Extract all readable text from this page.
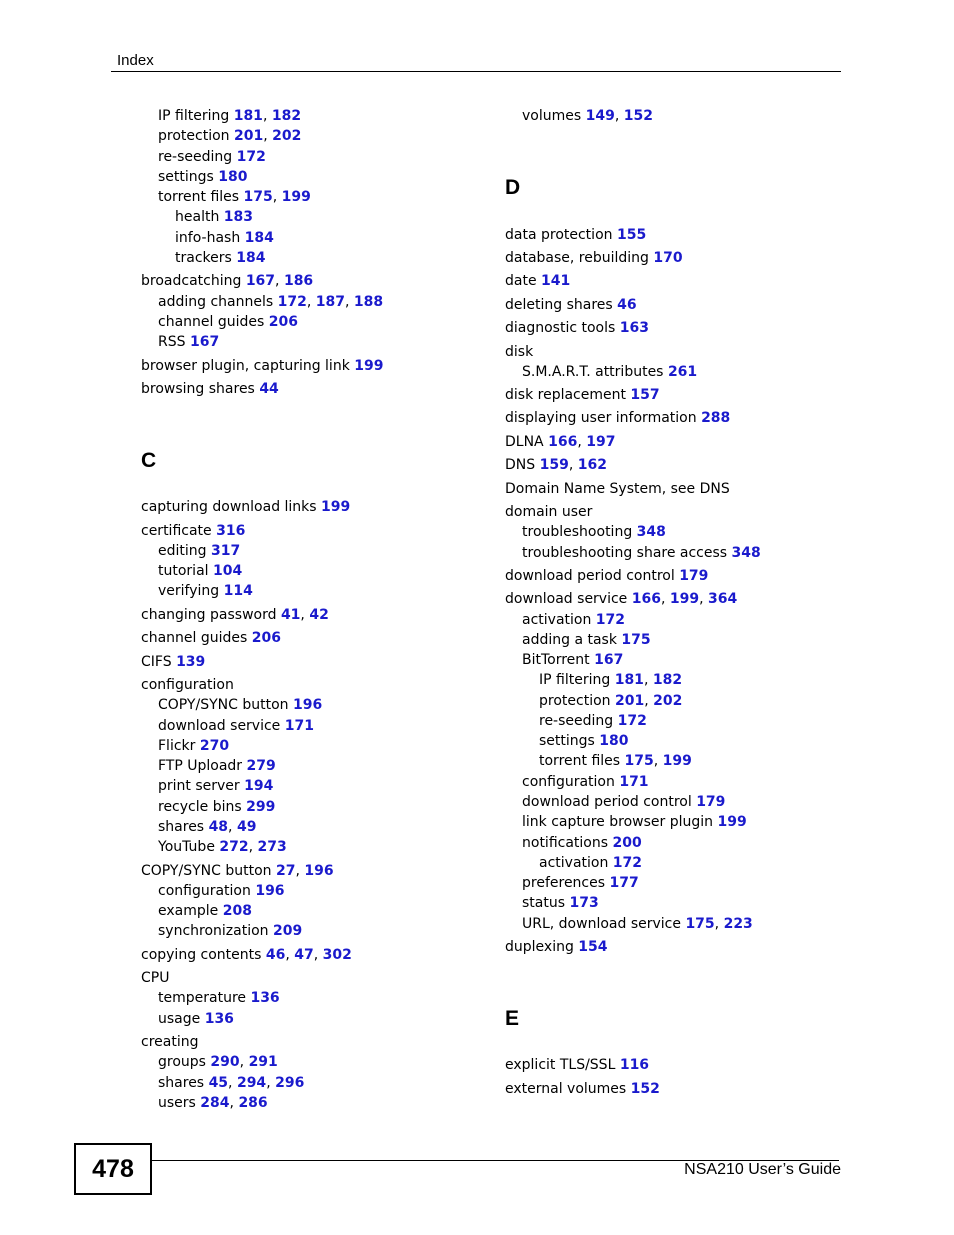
Index
IP filtering 181, 182
protection 201, 202
re-seeding 172
settings 180
torrent files 175, 199
health 183
info-hash 184
trackers 184
broadcatching 167, 186
adding channels 172, 187, 188
channel guides 206
RSS 167
browser plugin, capturing link 199
browsing shares 44
capturing download links 199
certificate 316
editing 317
tutorial 104
verifying 114
changing password 41, 42
channel guides 206
CIFS 139
configuration
COPY/SYNC button 196
download service 171
Flickr 270
FTP Uploadr 279
print server 194
recycle bins 299
shares 48, 49
YouTube 272, 273
COPY/SYNC button 27, 196
configuration 196
example 208
synchronization 209
copying contents 46, 47, 302
CPU
temperature 136
usage 136
creating
groups 290, 291
shares 45, 294, 296
users 284, 286
volumes 149, 152
data protection 155
database, rebuilding 170
date 141
deleting shares 46
diagnostic tools 163
disk
S.M.A.R.T. attributes 261
disk replacement 157
displaying user information 288
DLNA 166, 197
DNS 159, 162
Domain Name System, see DNS
domain user
troubleshooting 348
troubleshooting share access 348
download period control 179
download service 166, 199, 364
activation 172
adding a task 175
BitTorrent 167
IP filtering 181, 182
protection 201, 202
re-seeding 172
settings 180
torrent files 175, 199
configuration 171
download period control 179
link capture browser plugin 199
notifications 200
activation 172
preferences 177
status 173
URL, download service 175, 223
duplexing 154
explicit TLS/SSL 116
external volumes 152
478	NSA210 User’s Guide
C
D
E
